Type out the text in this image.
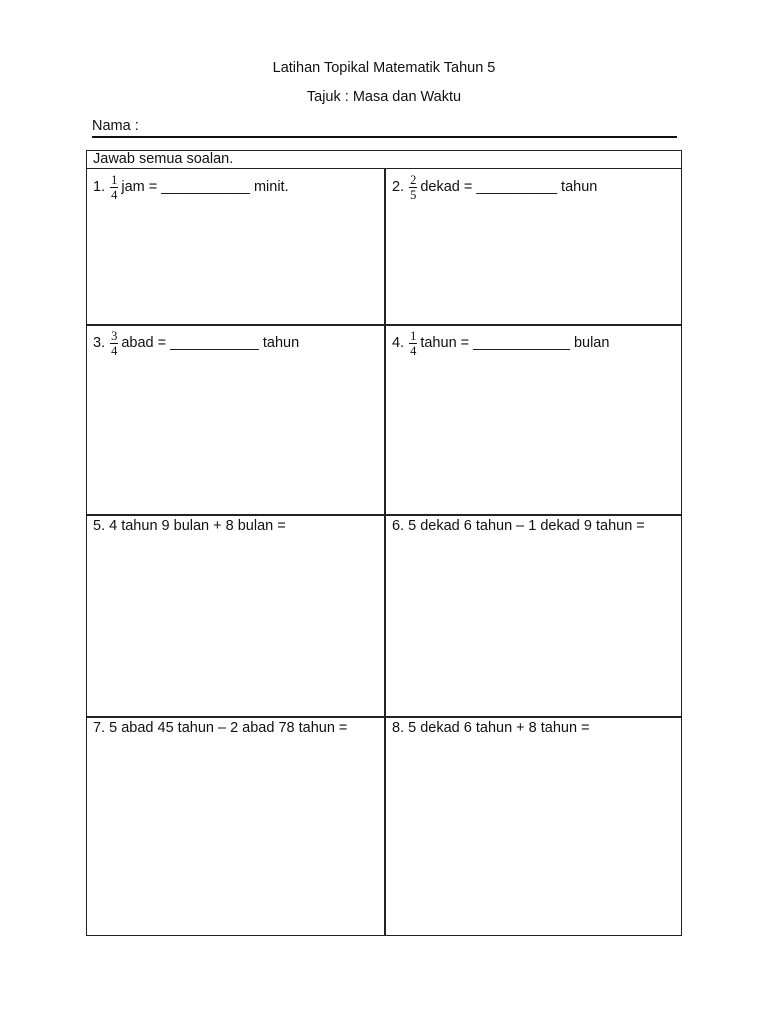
Latihan Topikal Matematik Tahun 5
Tajuk : Masa dan Waktu
Nama :
Jawab semua soalan.
1. $\frac{1}{4}$ jam = ___________ minit.	2. $\frac{2}{5}$ dekad = __________ tahun
3. $\frac{3}{4}$ abad = ___________ tahun	4. $\frac{1}{4}$ tahun = ____________ bulan
5.
4 tahun 9 bulan + 8 bulan =	6.
5 dekad 6 tahun – 1 dekad 9 tahun =
7.
5 abad 45 tahun – 2 abad 78 tahun =	8.
5 dekad 6 tahun + 8 tahun =
